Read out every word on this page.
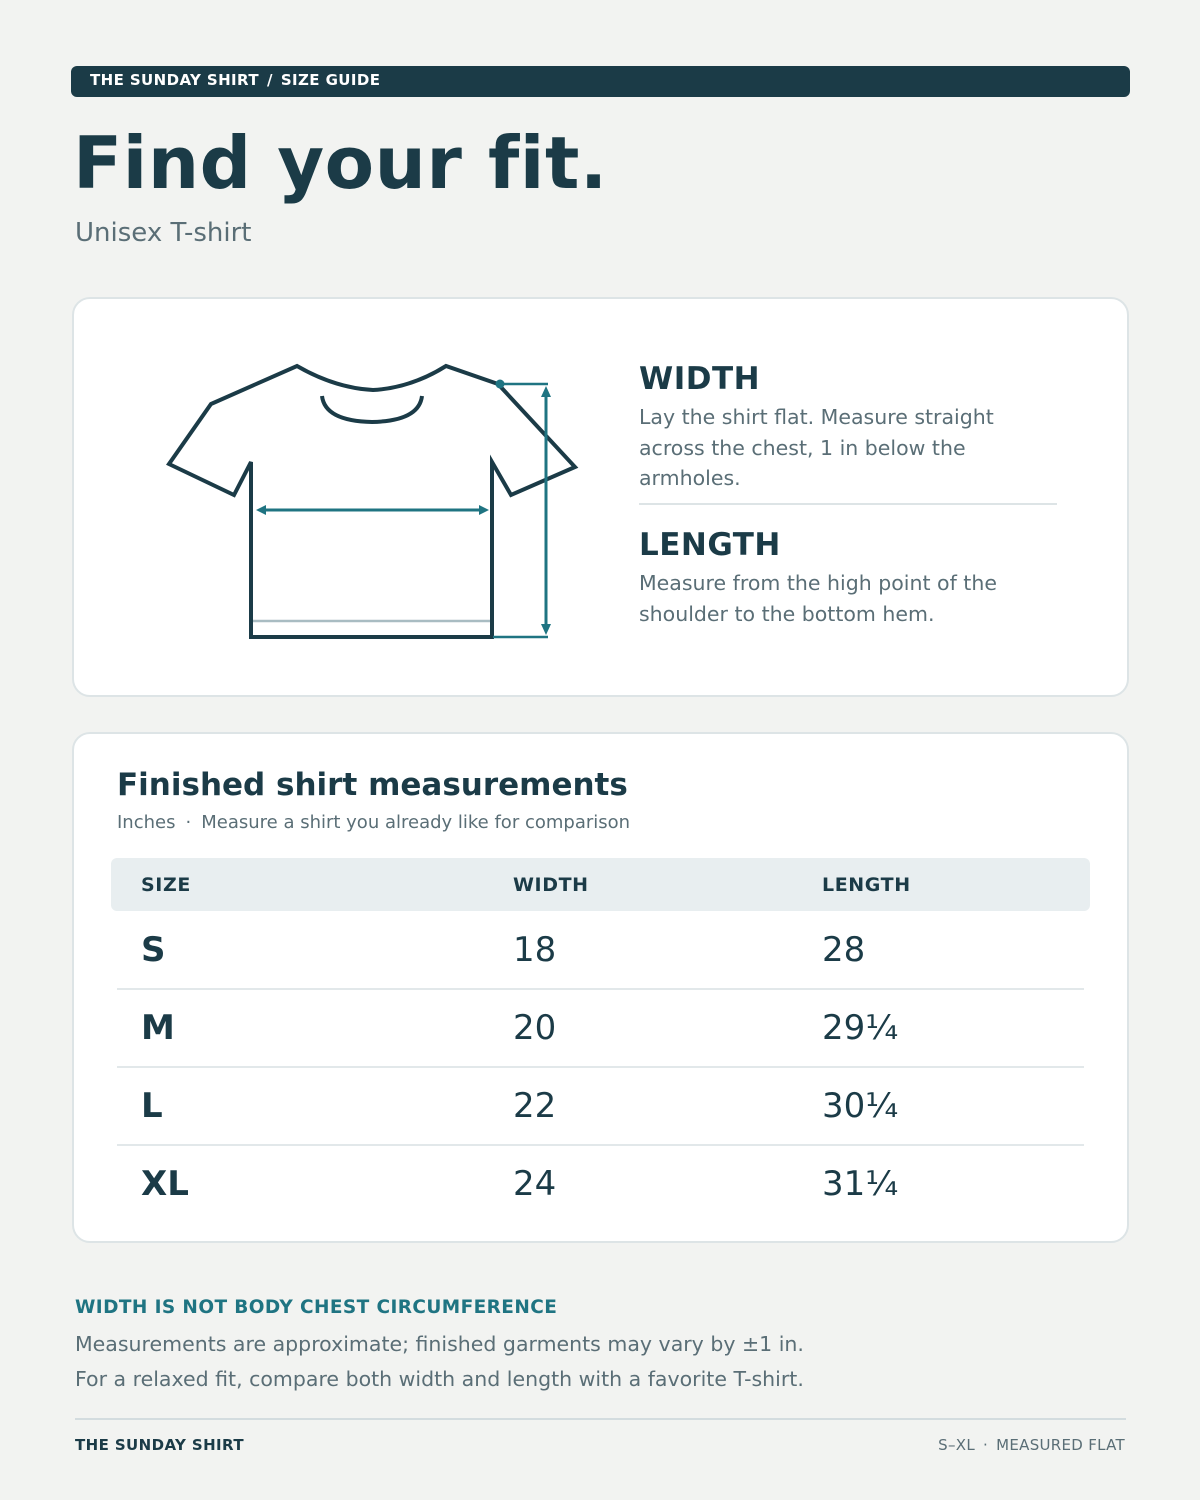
THE SUNDAY SHIRT / SIZE GUIDE
Find your fit.
Unisex T-shirt
WIDTH
Lay the shirt flat. Measure straight across the chest, 1 in below the armholes.
LENGTH
Measure from the high point of the shoulder to the bottom hem.
Finished shirt measurements
Inches · Measure a shirt you already like for comparison
SIZE	WIDTH	LENGTH
S	18	28
M	20	29¼
L	22	30¼
XL	24	31¼
WIDTH IS NOT BODY CHEST CIRCUMFERENCE
Measurements are approximate; finished garments may vary by ±1 in.
For a relaxed fit, compare both width and length with a favorite T-shirt.
THE SUNDAY SHIRT	S–XL · MEASURED FLAT
